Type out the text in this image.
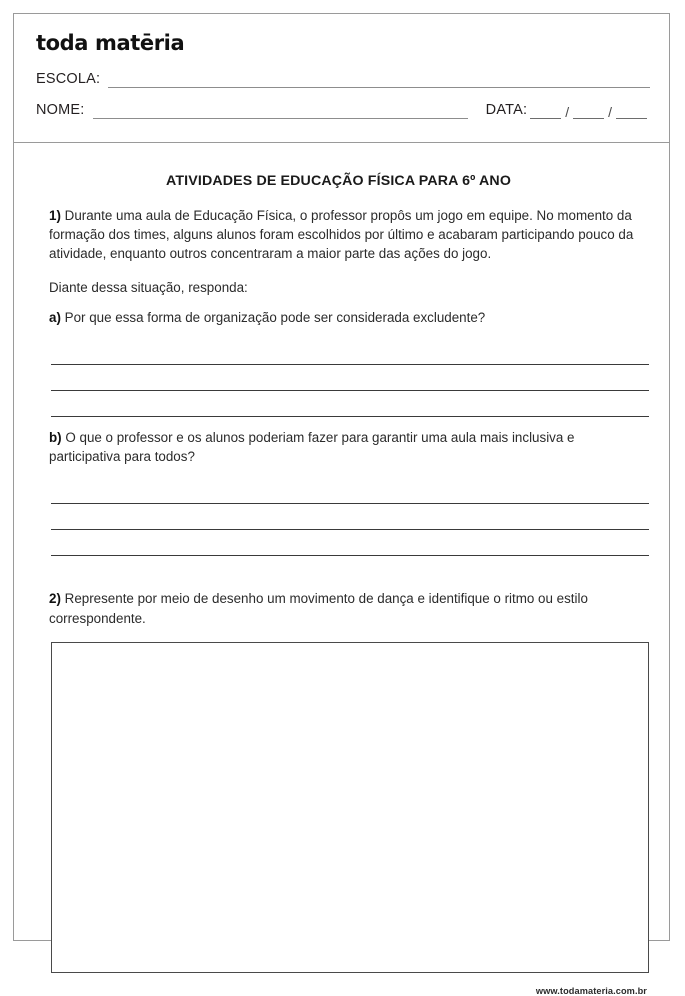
toda matēria
ESCOLA:
NOME:	DATA:	/	/
ATIVIDADES DE EDUCAÇÃO FÍSICA PARA 6º ANO

1) Durante uma aula de Educação Física, o professor propôs um jogo em equipe. No momento da formação dos times, alguns alunos foram escolhidos por último e acabaram participando pouco da atividade, enquanto outros concentraram a maior parte das ações do jogo.

Diante dessa situação, responda:

a) Por que essa forma de organização pode ser considerada excludente?

b) O que o professor e os alunos poderiam fazer para garantir uma aula mais inclusiva e participativa para todos?

2) Represente por meio de desenho um movimento de dança e identifique o ritmo ou estilo correspondente.

www.todamateria.com.br
